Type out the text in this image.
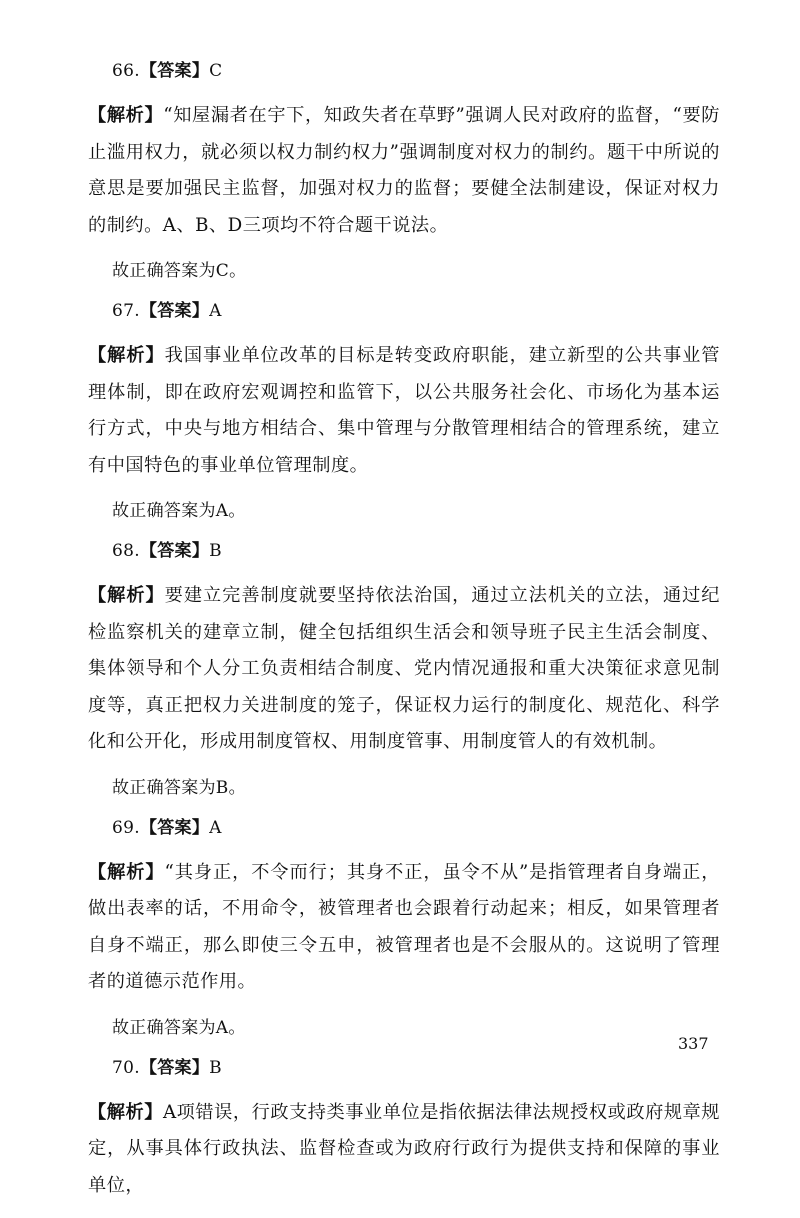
66.【答案】C

【解析】“知屋漏者在宇下，知政失者在草野”强调人民对政府的监督，“要防止滥用权力，就必须以权力制约权力”强调制度对权力的制约。题干中所说的意思是要加强民主监督，加强对权力的监督；要健全法制建设，保证对权力的制约。A、B、D三项均不符合题干说法。

故正确答案为C。

67.【答案】A

【解析】我国事业单位改革的目标是转变政府职能，建立新型的公共事业管理体制，即在政府宏观调控和监管下，以公共服务社会化、市场化为基本运行方式，中央与地方相结合、集中管理与分散管理相结合的管理系统，建立有中国特色的事业单位管理制度。

故正确答案为A。

68.【答案】B

【解析】要建立完善制度就要坚持依法治国，通过立法机关的立法，通过纪检监察机关的建章立制，健全包括组织生活会和领导班子民主生活会制度、集体领导和个人分工负责相结合制度、党内情况通报和重大决策征求意见制度等，真正把权力关进制度的笼子，保证权力运行的制度化、规范化、科学化和公开化，形成用制度管权、用制度管事、用制度管人的有效机制。

故正确答案为B。

69.【答案】A

【解析】“其身正，不令而行；其身不正，虽令不从”是指管理者自身端正，做出表率的话，不用命令，被管理者也会跟着行动起来；相反，如果管理者自身不端正，那么即使三令五申，被管理者也是不会服从的。这说明了管理者的道德示范作用。

故正确答案为A。

70.【答案】B

【解析】A项错误，行政支持类事业单位是指依据法律法规授权或政府规章规定，从事具体行政执法、监督检查或为政府行政行为提供支持和保障的事业单位，

337
